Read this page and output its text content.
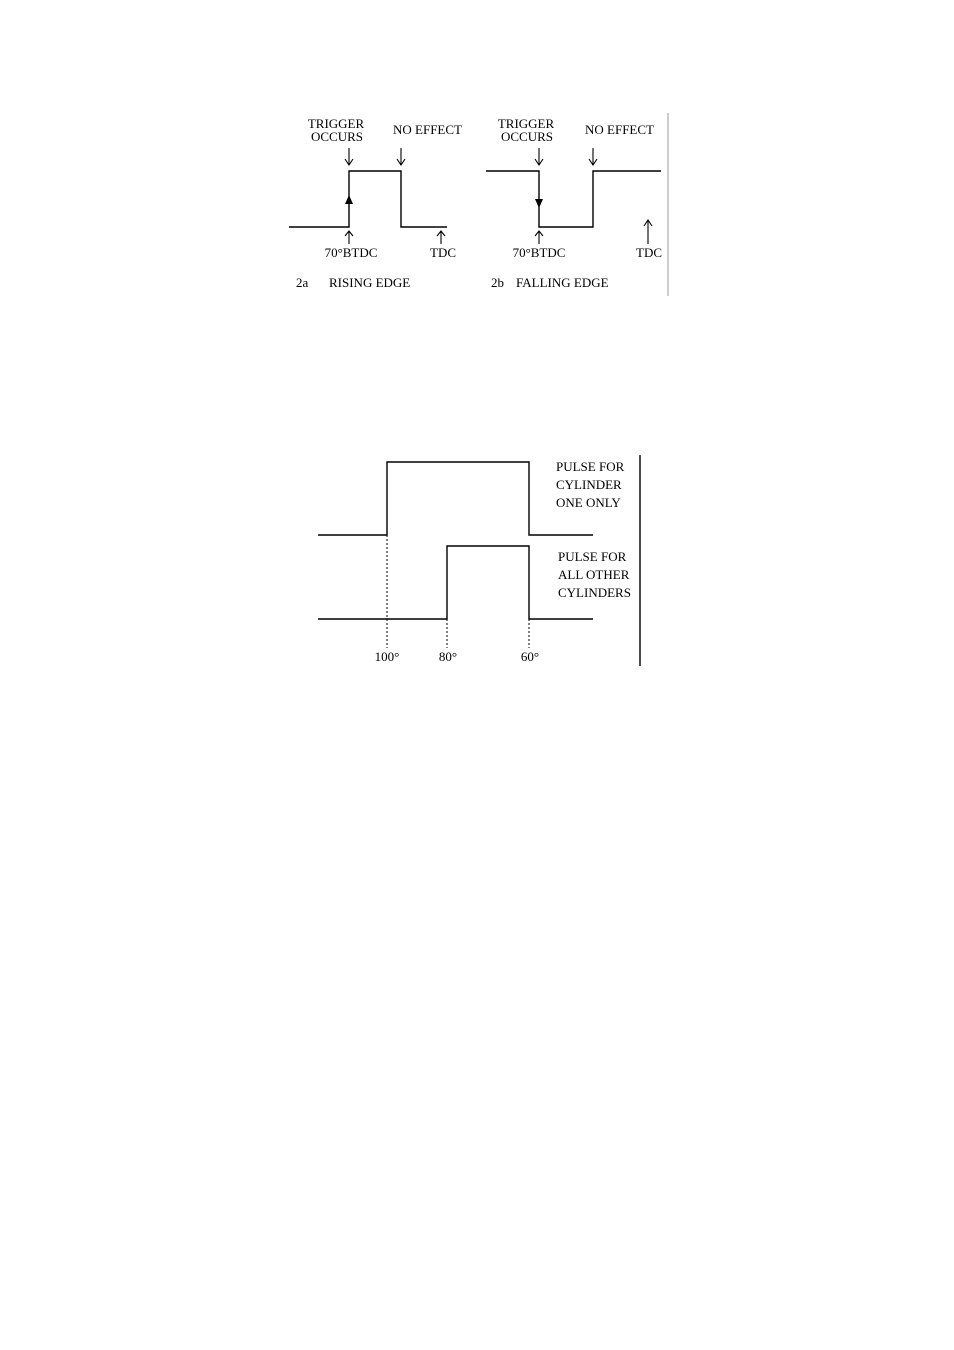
TRIGGER
OCCURS NO EFFECT
70°BTDC	TDC
2a RISING EDGE
TRIGGER
OCCURS NO EFFECT
70°BTDC	TDC
2b FALLING EDGE
PULSE FOR
CYLINDER
ONE ONLY
PULSE FOR
ALL OTHER
CYLINDERS
100°	80°	60°
